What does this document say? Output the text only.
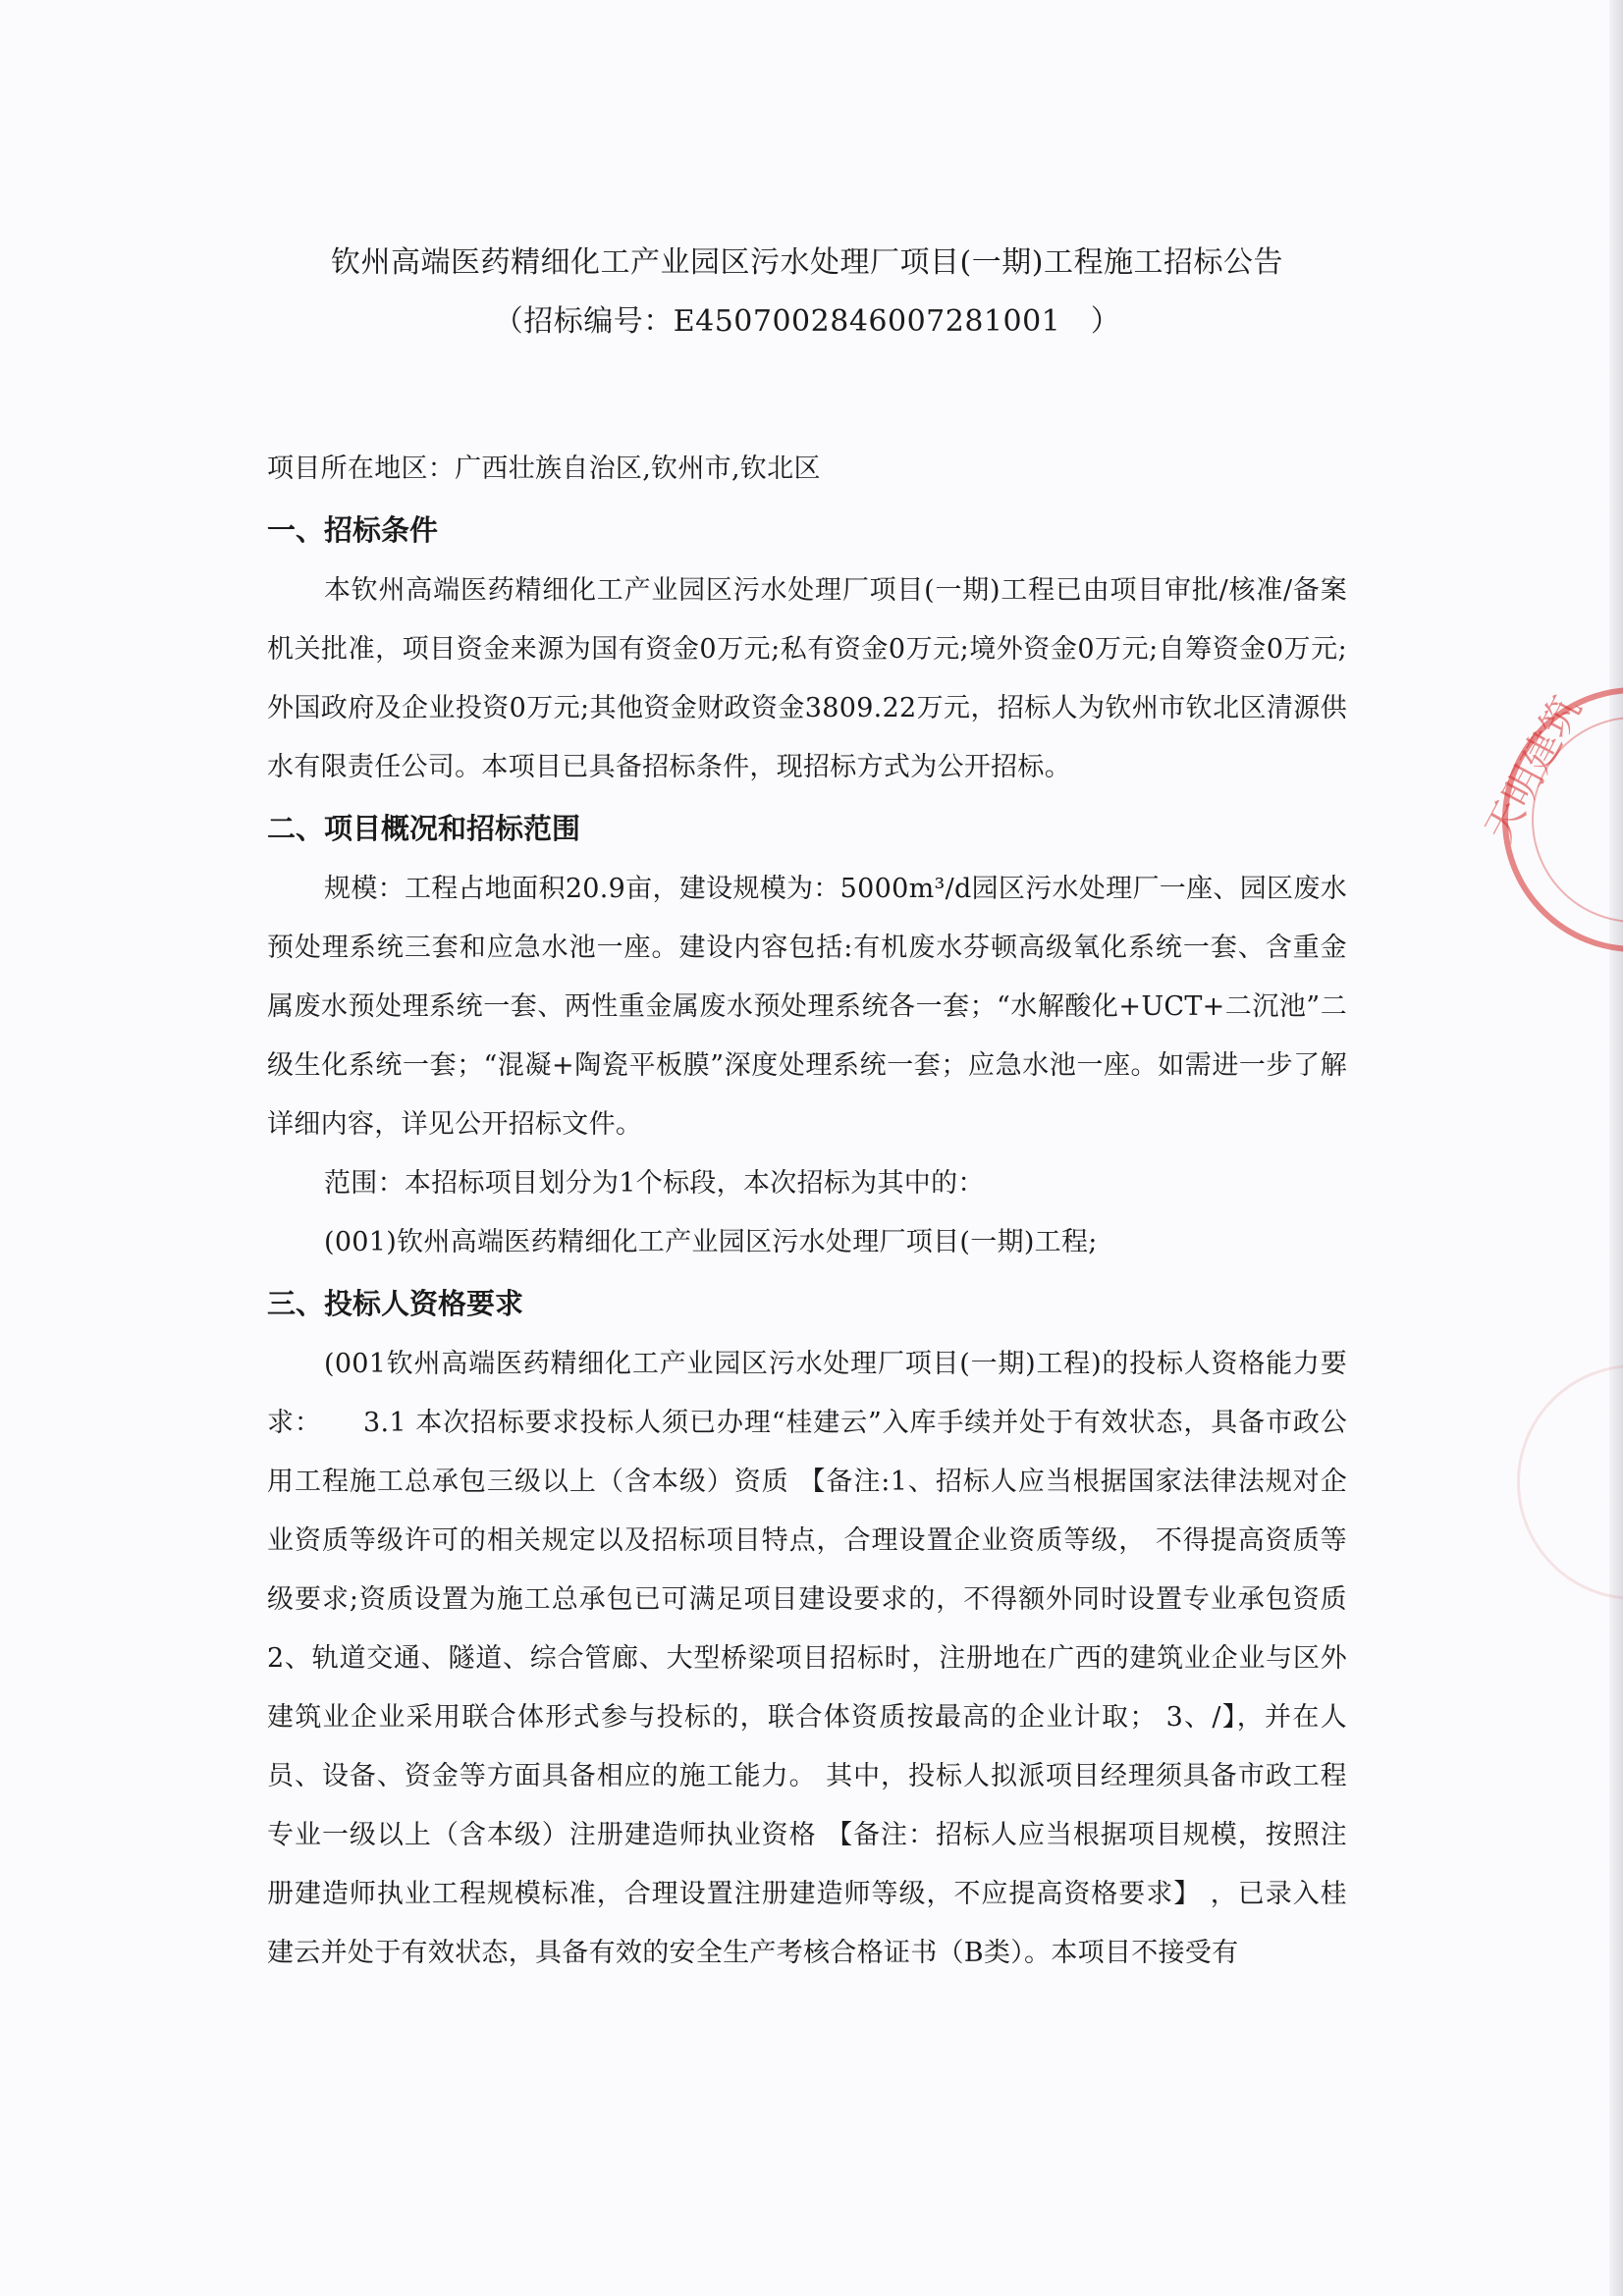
天明建筑
钦州高端医药精细化工产业园区污水处理厂项目(一期)工程施工招标公告
（招标编号：E4507002846007281001　）

项目所在地区：广西壮族自治区,钦州市,钦北区

一、招标条件

本钦州高端医药精细化工产业园区污水处理厂项目(一期)工程已由项目审批/核准/备案机关批准，项目资金来源为国有资金0万元;私有资金0万元;境外资金0万元;自筹资金0万元;外国政府及企业投资0万元;其他资金财政资金3809.22万元，招标人为钦州市钦北区清源供水有限责任公司。本项目已具备招标条件，现招标方式为公开招标。

二、项目概况和招标范围

规模：工程占地面积20.9亩，建设规模为：5000m³/d园区污水处理厂一座、园区废水预处理系统三套和应急水池一座。建设内容包括:有机废水芬顿高级氧化系统一套、含重金属废水预处理系统一套、两性重金属废水预处理系统各一套；“水解酸化+UCT+二沉池”二级生化系统一套；“混凝+陶瓷平板膜”深度处理系统一套；应急水池一座。如需进一步了解详细内容，详见公开招标文件。

范围：本招标项目划分为1个标段，本次招标为其中的：

(001)钦州高端医药精细化工产业园区污水处理厂项目(一期)工程;

三、投标人资格要求

(001钦州高端医药精细化工产业园区污水处理厂项目(一期)工程)的投标人资格能力要求：　　3.1 本次招标要求投标人须已办理“桂建云”入库手续并处于有效状态，具备市政公用工程施工总承包三级以上（含本级）资质 【备注:1、招标人应当根据国家法律法规对企业资质等级许可的相关规定以及招标项目特点，合理设置企业资质等级， 不得提高资质等级要求;资质设置为施工总承包已可满足项目建设要求的，不得额外同时设置专业承包资质　2、轨道交通、隧道、综合管廊、大型桥梁项目招标时，注册地在广西的建筑业企业与区外建筑业企业采用联合体形式参与投标的，联合体资质按最高的企业计取； 3、/】，并在人员、设备、资金等方面具备相应的施工能力。 其中，投标人拟派项目经理须具备市政工程专业一级以上（含本级）注册建造师执业资格 【备注：招标人应当根据项目规模，按照注册建造师执业工程规模标准，合理设置注册建造师等级，不应提高资格要求】 ，已录入桂建云并处于有效状态，具备有效的安全生产考核合格证书（B类）。本项目不接受有
